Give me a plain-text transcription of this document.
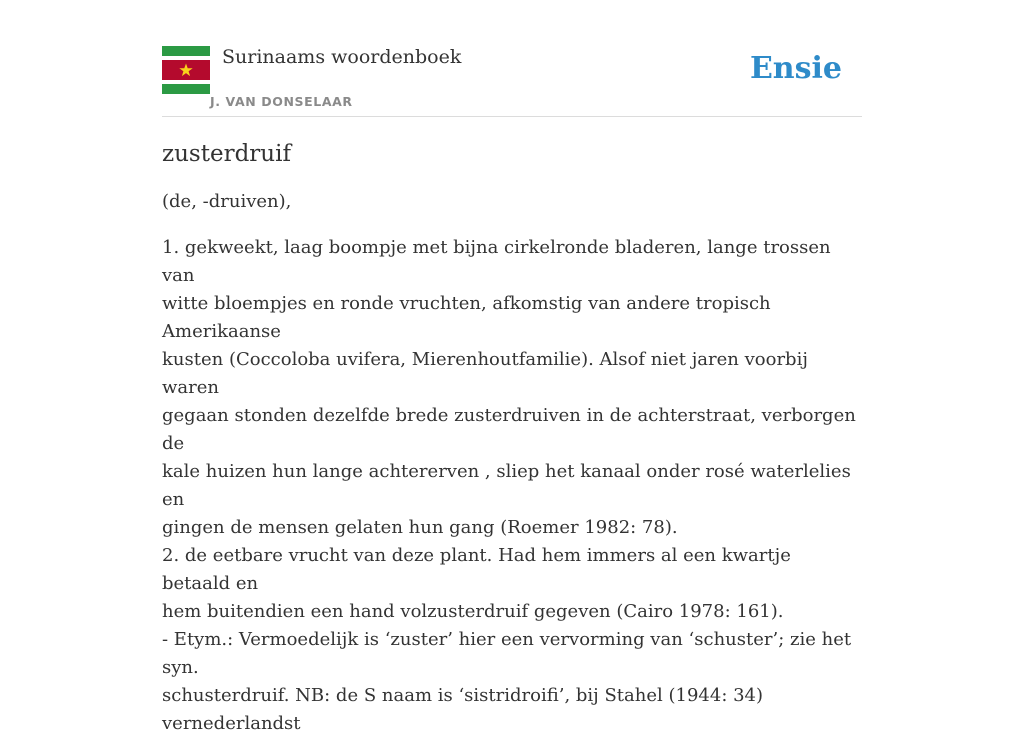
Surinaams woordenboek
J. VAN DONSELAAR
Ensie
zusterdruif

(de, -druiven),

1. gekweekt, laag boompje met bijna cirkelronde bladeren, lange trossen van
witte bloempjes en ronde vruchten, afkomstig van andere tropisch Amerikaanse
kusten (Coccoloba uvifera, Mierenhoutfamilie). Alsof niet jaren voorbij waren
gegaan stonden dezelfde brede zusterdruiven in de achterstraat, verborgen de
kale huizen hun lange achtererven , sliep het kanaal onder rosé waterlelies en
gingen de mensen gelaten hun gang (Roemer 1982: 78).
2. de eetbare vrucht van deze plant. Had hem immers al een kwartje betaald en
hem buitendien een hand volzusterdruif gegeven (Cairo 1978: 161).
- Etym.: Vermoedelijk is ‘zuster’ hier een vervorming van ‘schuster’; zie het syn.
schusterdruif. NB: de S naam is ‘sistridroifi’, bij Stahel (1944: 34) vernederlandst
